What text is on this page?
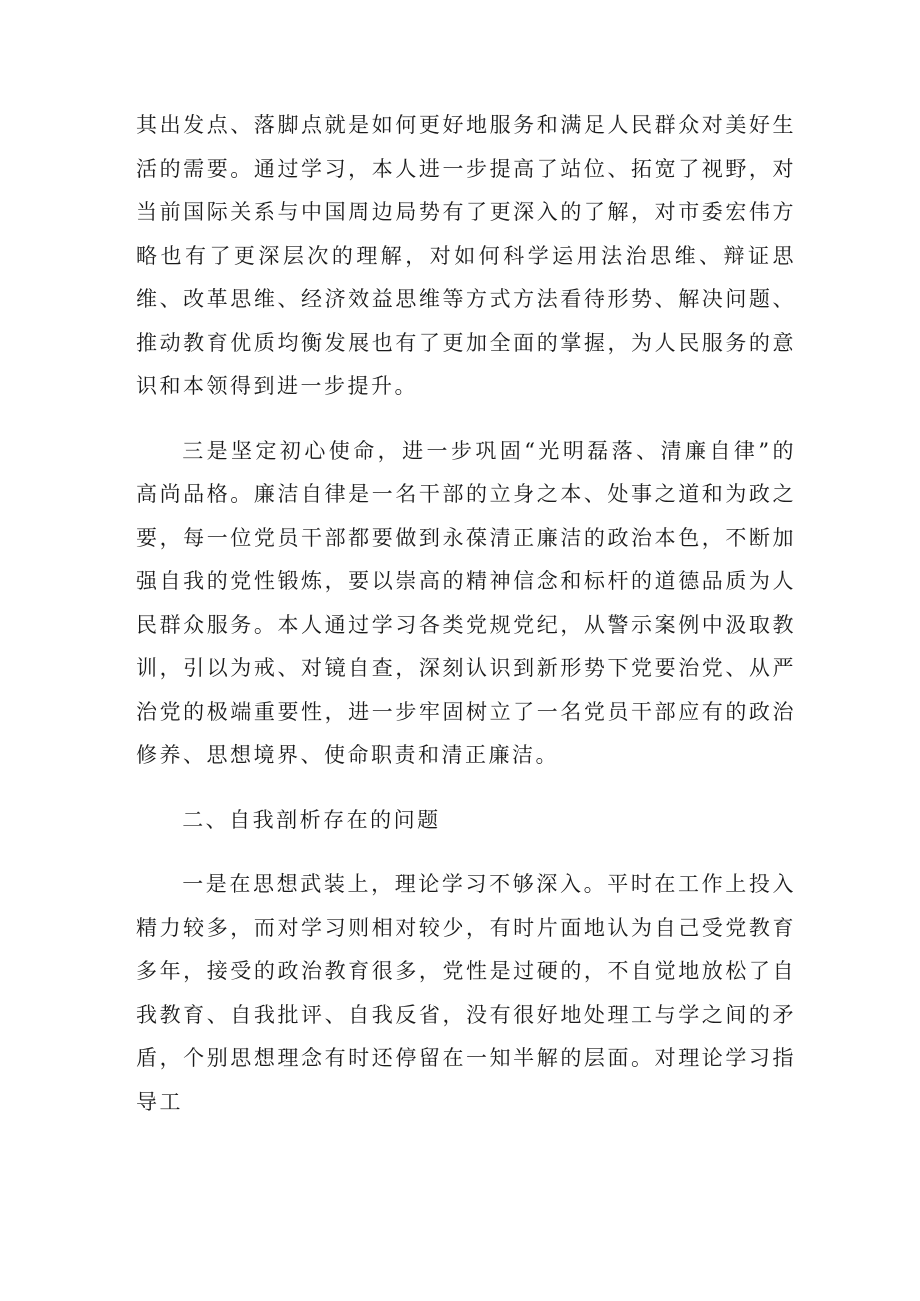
其出发点、落脚点就是如何更好地服务和满足人民群众对美好生活的需要。通过学习，本人进一步提高了站位、拓宽了视野，对当前国际关系与中国周边局势有了更深入的了解，对市委宏伟方略也有了更深层次的理解，对如何科学运用法治思维、辩证思维、改革思维、经济效益思维等方式方法看待形势、解决问题、推动教育优质均衡发展也有了更加全面的掌握，为人民服务的意识和本领得到进一步提升。

三是坚定初心使命，进一步巩固“光明磊落、清廉自律”的高尚品格。廉洁自律是一名干部的立身之本、处事之道和为政之要，每一位党员干部都要做到永葆清正廉洁的政治本色，不断加强自我的党性锻炼，要以崇高的精神信念和标杆的道德品质为人民群众服务。本人通过学习各类党规党纪，从警示案例中汲取教训，引以为戒、对镜自查，深刻认识到新形势下党要治党、从严治党的极端重要性，进一步牢固树立了一名党员干部应有的政治修养、思想境界、使命职责和清正廉洁。

二、自我剖析存在的问题

一是在思想武装上，理论学习不够深入。平时在工作上投入精力较多，而对学习则相对较少，有时片面地认为自己受党教育多年，接受的政治教育很多，党性是过硬的，不自觉地放松了自我教育、自我批评、自我反省，没有很好地处理工与学之间的矛盾，个别思想理念有时还停留在一知半解的层面。对理论学习指导工
